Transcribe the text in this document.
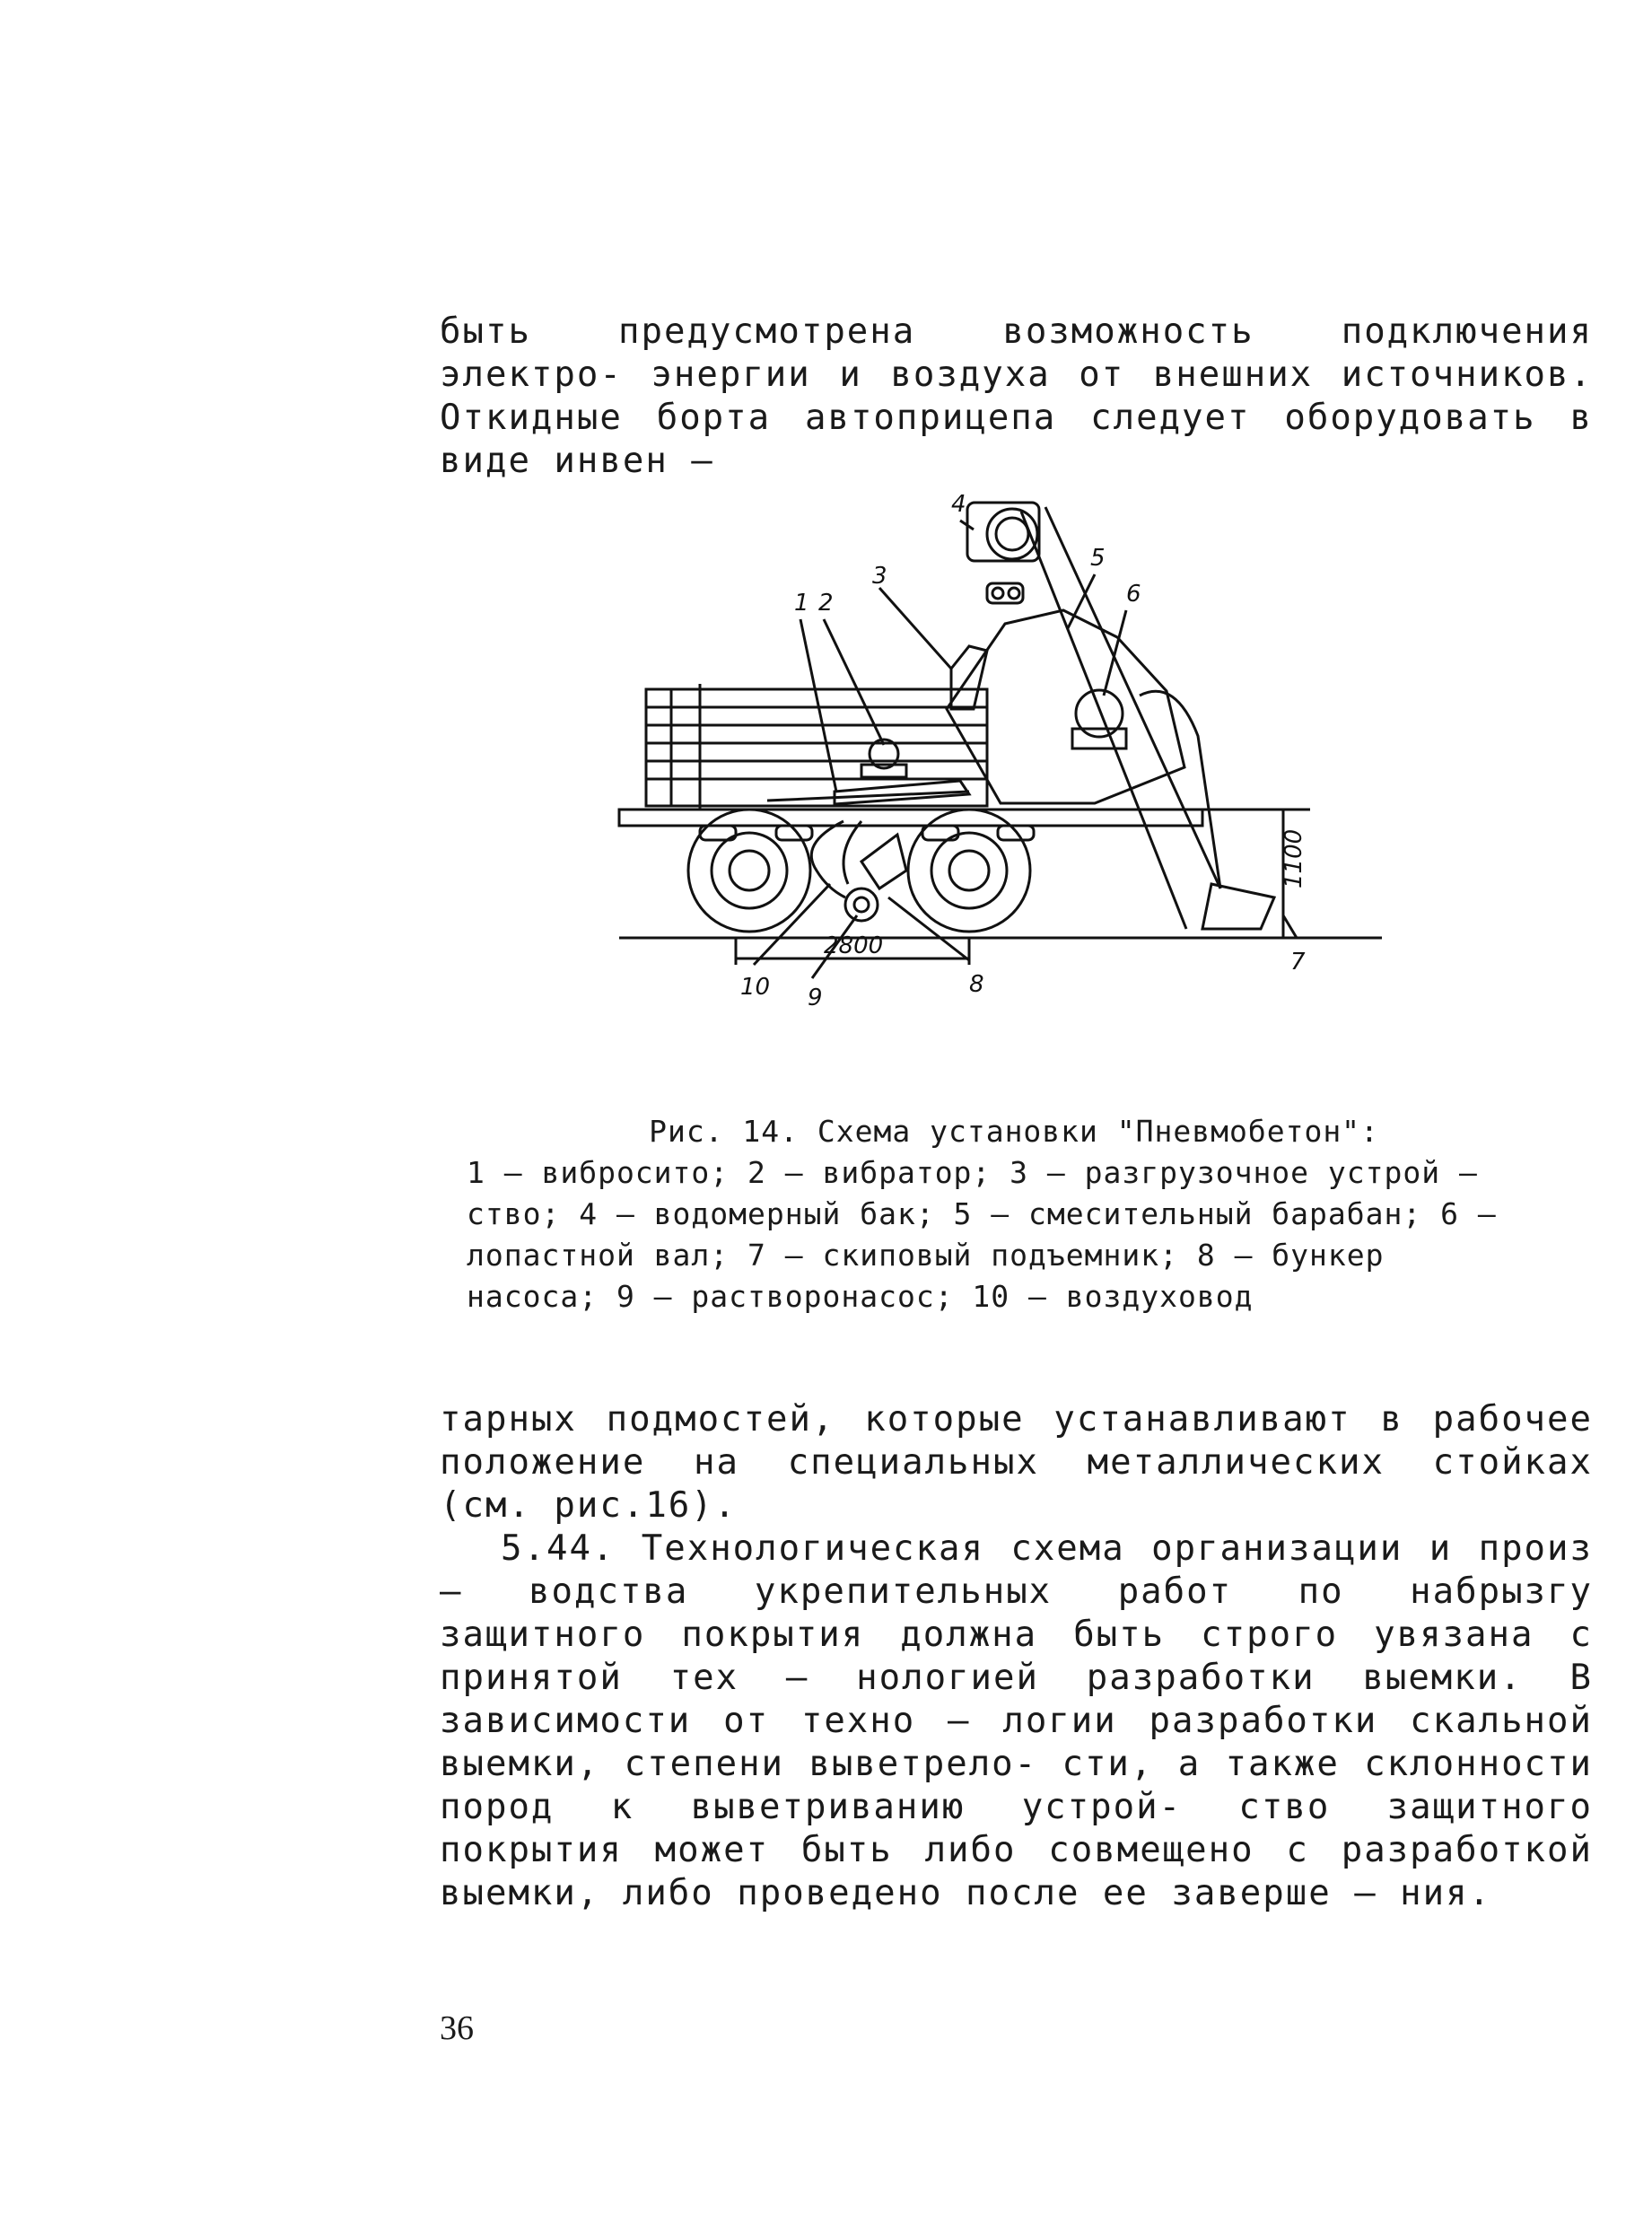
быть предусмотрена возможность подключения электро- энергии и воздуха от внешних источников. Откидные борта автоприцепа следует оборудовать в виде инвен –

1 2
3
4
5
6
7
8
9
10
2800
1100
Рис. 14. Схема установки "Пневмобетон":

1 – вибросито; 2 – вибратор; 3 – разгрузочное устрой – ство; 4 – водомерный бак; 5 – смесительный барабан; 6 – лопастной вал; 7 – скиповый подъемник; 8 – бункер насоса; 9 – растворонасос; 10 – воздуховод

тарных подмостей, которые устанавливают в рабочее положение на специальных металлических стойках (см. рис.16).

5.44. Технологическая схема организации и произ – водства укрепительных работ по набрызгу защитного покрытия должна быть строго увязана с принятой тех – нологией разработки выемки. В зависимости от техно – логии разработки скальной выемки, степени выветрело- сти, а также склонности пород к выветриванию устрой- ство защитного покрытия может быть либо совмещено с разработкой выемки, либо проведено после ее заверше – ния.

36
